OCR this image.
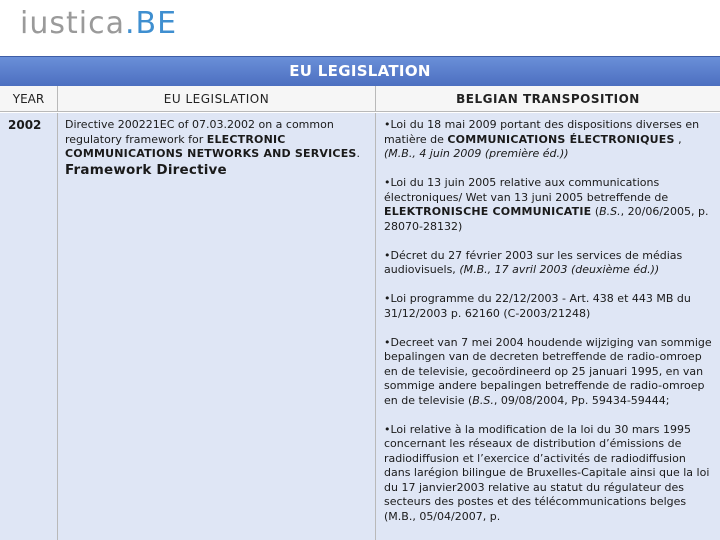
iustica.BE
EU LEGISLATION
YEAR	EU LEGISLATION	BELGIAN TRANSPOSITION
2002 Directive 200221EC of 07.03.2002 on a common regulatory framework for ELECTRONIC COMMUNICATIONS NETWORKS AND SERVICES.
Framework Directive
•Loi du 18 mai 2009 portant des dispositions diverses en matière de COMMUNICATIONS ÉLECTRONIQUES , (M.B., 4 juin 2009 (première éd.))
•Loi du 13 juin 2005 relative aux communications électroniques/ Wet van 13 juni 2005 betreffende de ELEKTRONISCHE COMMUNICATIE (B.S., 20/06/2005, p. 28070-28132)
•Décret du 27 février 2003 sur les services de médias audiovisuels, (M.B., 17 avril 2003 (deuxième éd.))
•Loi programme du 22/12/2003 - Art. 438 et 443 MB du 31/12/2003 p. 62160 (C-2003/21248)
•Decreet van 7 mei 2004 houdende wijziging van sommige bepalingen van de decreten betreffende de radio-omroep en de televisie, gecoördineerd op 25 januari 1995, en van sommige andere bepalingen betreffende de radio-omroep en de televisie (B.S., 09/08/2004, Pp. 59434-59444;
•Loi relative à la modification de la loi du 30 mars 1995 concernant les réseaux de distribution d’émissions de radiodiffusion et l’exercice d’activités de radiodiffusion dans larégion bilingue de Bruxelles-Capitale ainsi que la loi du 17 janvier2003 relative au statut du régulateur des secteurs des postes et des télécommunications belges (M.B., 05/04/2007, p.
